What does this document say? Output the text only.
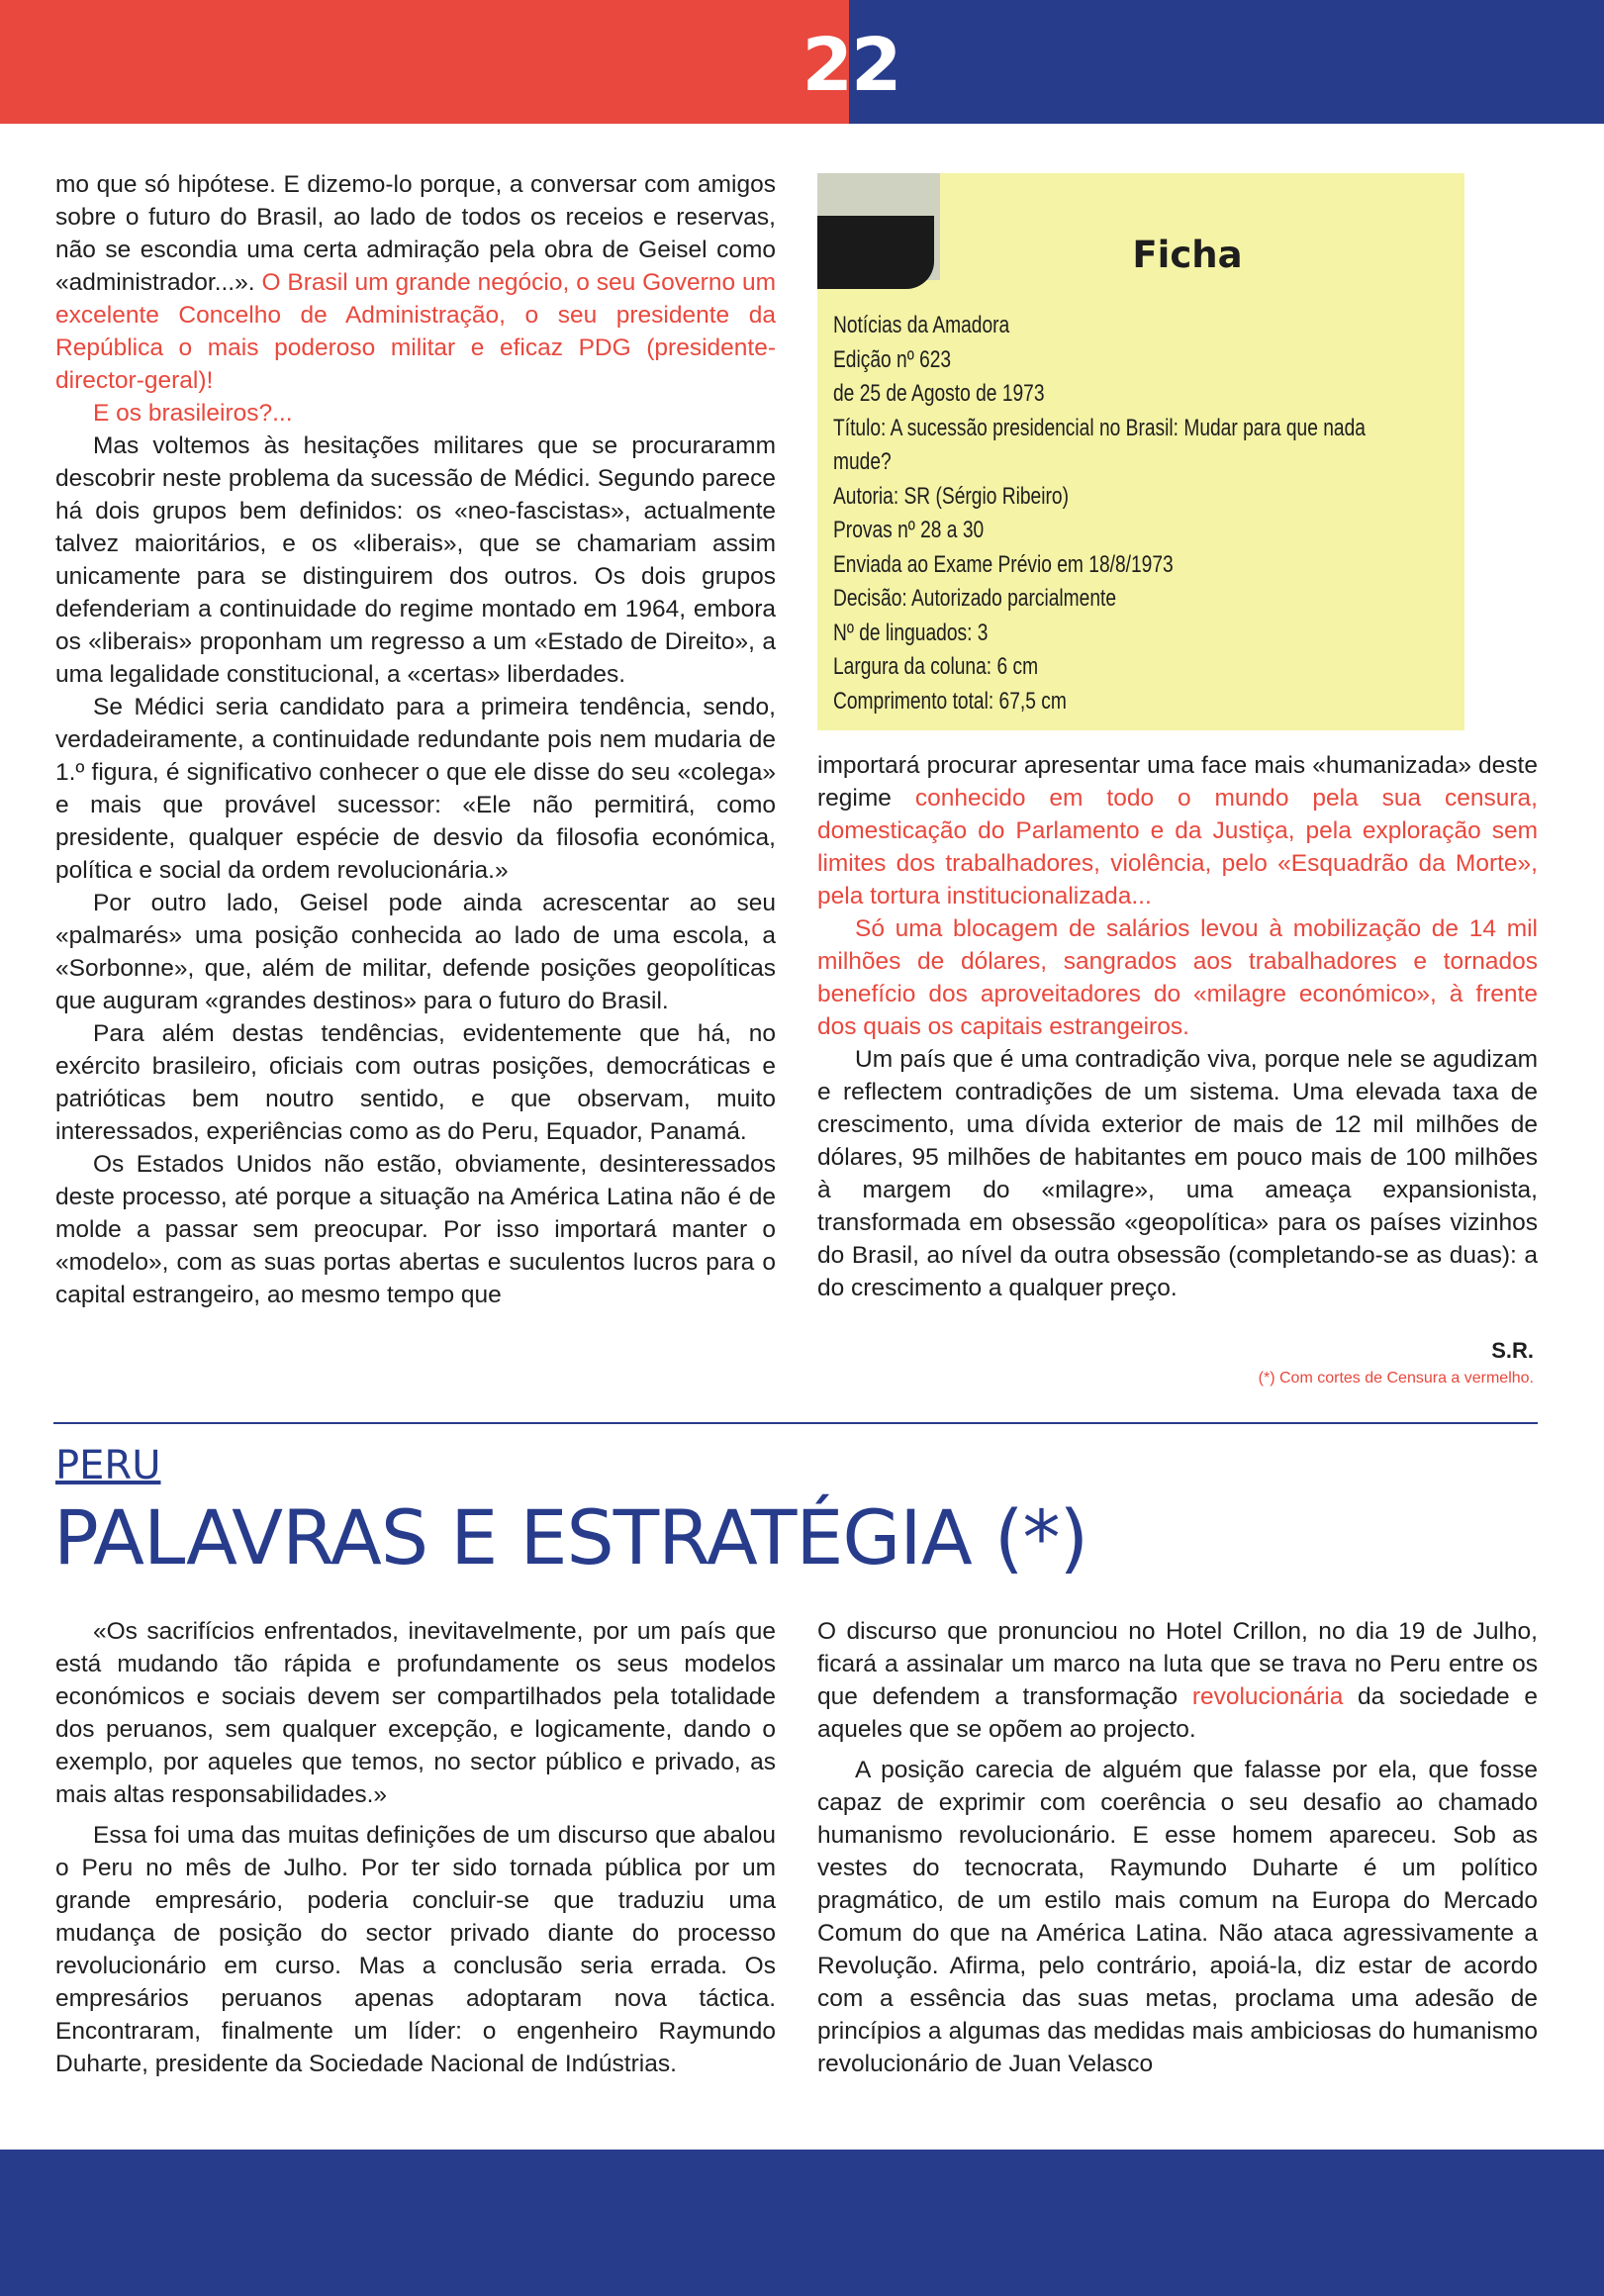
22

mo que só hipótese. E dizemo-lo porque, a conversar com amigos sobre o futuro do Brasil, ao lado de todos os receios e reservas, não se escondia uma certa admiração pela obra de Geisel como «administrador...». O Brasil um grande negócio, o seu Governo um excelente Concelho de Administração, o seu presidente da República o mais poderoso militar e eficaz PDG (presidente-director-geral)!

E os brasileiros?...

Mas voltemos às hesitações militares que se procuraramm descobrir neste problema da sucessão de Médici. Segundo parece há dois grupos bem definidos: os «neo-fascistas», actualmente talvez maioritários, e os «liberais», que se chamariam assim unicamente para se distinguirem dos outros. Os dois grupos defenderiam a continuidade do regime montado em 1964, embora os «liberais» proponham um regresso a um «Estado de Direito», a uma legalidade constitucional, a «certas» liberdades.

Se Médici seria candidato para a primeira tendência, sendo, verdadeiramente, a continuidade redundante pois nem mudaria de 1.º figura, é significativo conhecer o que ele disse do seu «colega» e mais que provável sucessor: «Ele não permitirá, como presidente, qualquer espécie de desvio da filosofia económica, política e social da ordem revolucionária.»

Por outro lado, Geisel pode ainda acrescentar ao seu «palmarés» uma posição conhecida ao lado de uma escola, a «Sorbonne», que, além de militar, defende posições geopolíticas que auguram «grandes destinos» para o futuro do Brasil.

Para além destas tendências, evidentemente que há, no exército brasileiro, oficiais com outras posições, democráticas e patrióticas bem noutro sentido, e que observam, muito interessados, experiências como as do Peru, Equador, Panamá.

Os Estados Unidos não estão, obviamente, desinteressados deste processo, até porque a situação na América Latina não é de molde a passar sem preocupar. Por isso importará manter o «modelo», com as suas portas abertas e suculentos lucros para o capital estrangeiro, ao mesmo tempo que

Ficha
Notícias da Amadora
Edição nº 623
de 25 de Agosto de 1973
Título: A sucessão presidencial no Brasil: Mudar para que nada
mude?
Autoria: SR (Sérgio Ribeiro)
Provas nº 28 a 30
Enviada ao Exame Prévio em 18/8/1973
Decisão: Autorizado parcialmente
Nº de linguados: 3
Largura da coluna: 6 cm
Comprimento total: 67,5 cm

importará procurar apresentar uma face mais «humanizada» deste regime conhecido em todo o mundo pela sua censura, domesticação do Parlamento e da Justiça, pela exploração sem limites dos trabalhadores, violência, pelo «Esquadrão da Morte», pela tortura institucionalizada...

Só uma blocagem de salários levou à mobilização de 14 mil milhões de dólares, sangrados aos trabalhadores e tornados benefício dos aproveitadores do «milagre económico», à frente dos quais os capitais estrangeiros.

Um país que é uma contradição viva, porque nele se agudizam e reflectem contradições de um sistema. Uma elevada taxa de crescimento, uma dívida exterior de mais de 12 mil milhões de dólares, 95 milhões de habitantes em pouco mais de 100 milhões à margem do «milagre», uma ameaça expansionista, transformada em obsessão «geopolítica» para os países vizinhos do Brasil, ao nível da outra obsessão (completando-se as duas): a do crescimento a qualquer preço.

S.R.
(*) Com cortes de Censura a vermelho.
PERU
PALAVRAS E ESTRATÉGIA (*)

«Os sacrifícios enfrentados, inevitavelmente, por um país que está mudando tão rápida e profundamente os seus modelos económicos e sociais devem ser compartilhados pela totalidade dos peruanos, sem qualquer excepção, e logicamente, dando o exemplo, por aqueles que temos, no sector público e privado, as mais altas responsabilidades.»

Essa foi uma das muitas definições de um discurso que abalou o Peru no mês de Julho. Por ter sido tornada pública por um grande empresário, poderia concluir-se que traduziu uma mudança de posição do sector privado diante do processo revolucionário em curso. Mas a conclusão seria errada. Os empresários peruanos apenas adoptaram nova táctica. Encontraram, finalmente um líder: o engenheiro Raymundo Duharte, presidente da Sociedade Nacional de Indústrias.

O discurso que pronunciou no Hotel Crillon, no dia 19 de Julho, ficará a assinalar um marco na luta que se trava no Peru entre os que defendem a transformação revolucionária da sociedade e aqueles que se opõem ao projecto.

A posição carecia de alguém que falasse por ela, que fosse capaz de exprimir com coerência o seu desafio ao chamado humanismo revolucionário. E esse homem apareceu. Sob as vestes do tecnocrata, Raymundo Duharte é um político pragmático, de um estilo mais comum na Europa do Mercado Comum do que na América Latina. Não ataca agressivamente a Revolução. Afirma, pelo contrário, apoiá-la, diz estar de acordo com a essência das suas metas, proclama uma adesão de princípios a algumas das medidas mais ambiciosas do humanismo revolucionário de Juan Velasco
